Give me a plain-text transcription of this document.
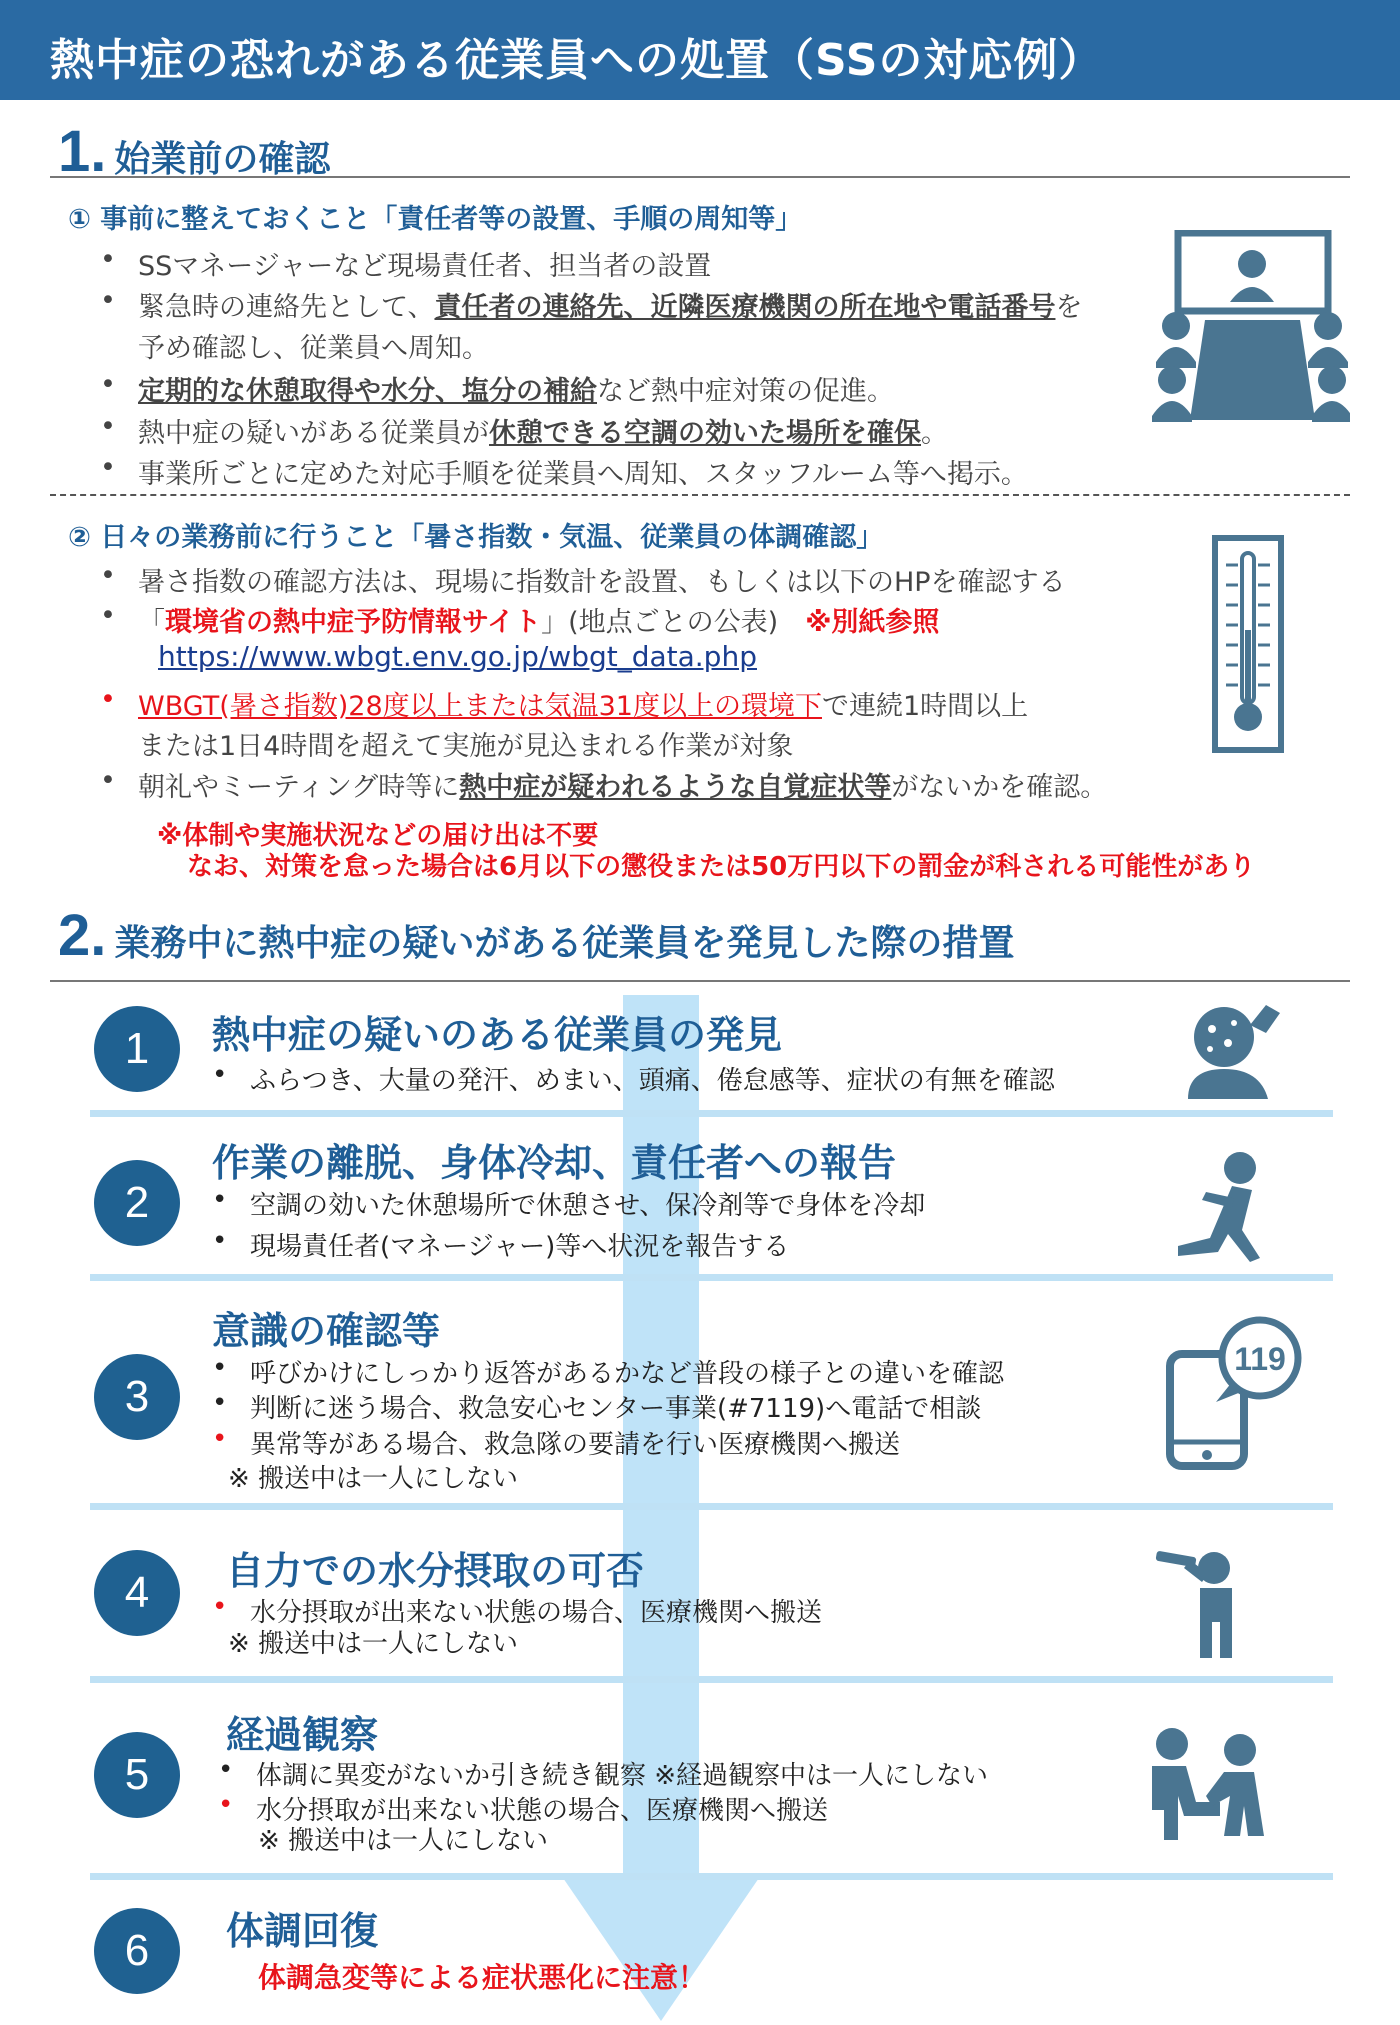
熱中症の恐れがある従業員への処置（SSの対応例）
1. 始業前の確認
① 事前に整えておくこと「責任者等の設置、手順の周知等」
• SSマネージャーなど現場責任者、担当者の設置
• 緊急時の連絡先として、責任者の連絡先、近隣医療機関の所在地や電話番号を
予め確認し、従業員へ周知。
• 定期的な休憩取得や水分、塩分の補給など熱中症対策の促進。
• 熱中症の疑いがある従業員が休憩できる空調の効いた場所を確保。
• 事業所ごとに定めた対応手順を従業員へ周知、スタッフルーム等へ掲示。
② 日々の業務前に行うこと「暑さ指数・気温、従業員の体調確認」
• 暑さ指数の確認方法は、現場に指数計を設置、もしくは以下のHPを確認する
• 「環境省の熱中症予防情報サイト」(地点ごとの公表)　 ※別紙参照
https://www.wbgt.env.go.jp/wbgt_data.php
• WBGT(暑さ指数)28度以上または気温31度以上の環境下で連続1時間以上
または1日4時間を超えて実施が見込まれる作業が対象
• 朝礼やミーティング時等に熱中症が疑われるような自覚症状等がないかを確認。
※体制や実施状況などの届け出は不要
なお、対策を怠った場合は6月以下の懲役または50万円以下の罰金が科される可能性があり
2. 業務中に熱中症の疑いがある従業員を発見した際の措置
1	熱中症の疑いのある従業員の発見
• ふらつき、大量の発汗、めまい、頭痛、倦怠感等、症状の有無を確認
2
作業の離脱、身体冷却、責任者への報告
• 空調の効いた休憩場所で休憩させ、保冷剤等で身体を冷却
• 現場責任者(マネージャー)等へ状況を報告する
3
意識の確認等
• 呼びかけにしっかり返答があるかなど普段の様子との違いを確認
• 判断に迷う場合、救急安心センター事業(#7119)へ電話で相談
• 異常等がある場合、救急隊の要請を行い医療機関へ搬送
※ 搬送中は一人にしない
119
4	自力での水分摂取の可否
• 水分摂取が出来ない状態の場合、医療機関へ搬送
※ 搬送中は一人にしない
5
経過観察
• 体調に異変がないか引き続き観察 ※経過観察中は一人にしない
• 水分摂取が出来ない状態の場合、医療機関へ搬送
※ 搬送中は一人にしない
6	体調回復
体調急変等による症状悪化に注意！
